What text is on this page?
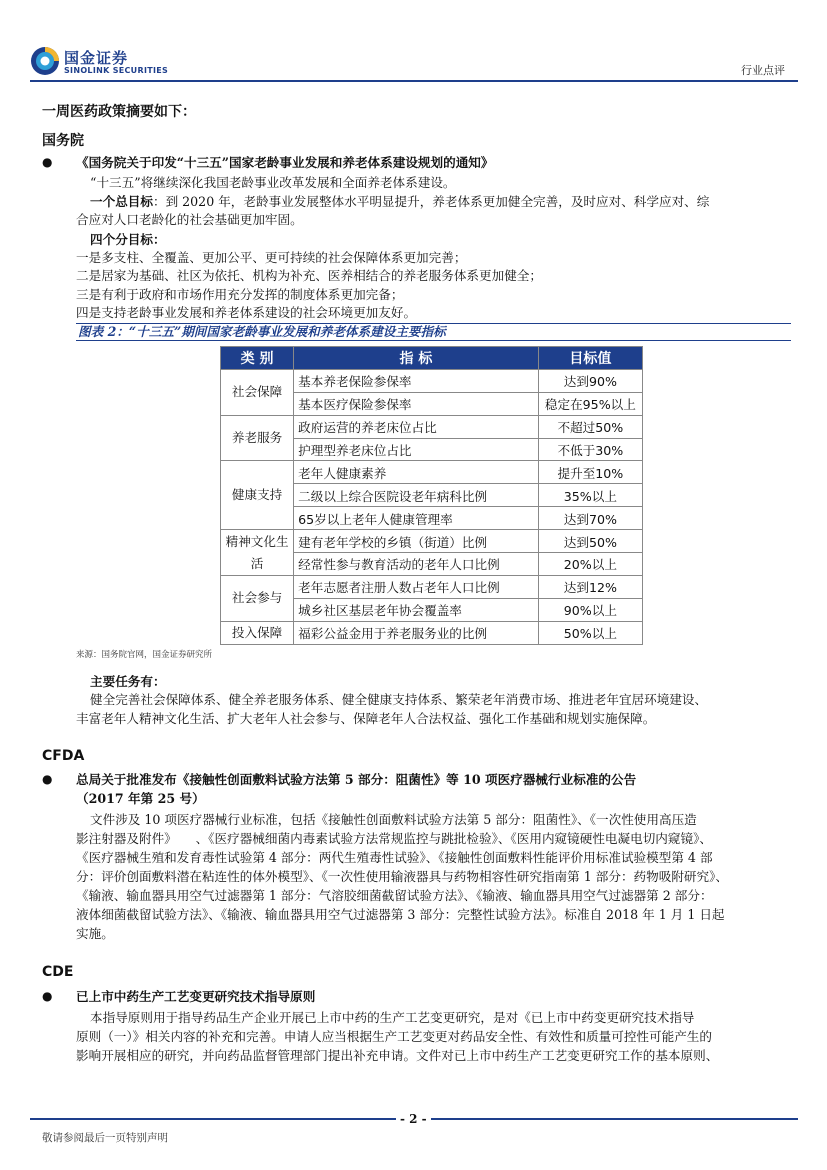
国金证券
SINOLINK SECURITIES	行业点评
一周医药政策摘要如下：
国务院
● 《国务院关于印发“十三五”国家老龄事业发展和养老体系建设规划的通知》
“十三五”将继续深化我国老龄事业改革发展和全面养老体系建设。
一个总目标：到 2020 年，老龄事业发展整体水平明显提升，养老体系更加健全完善，及时应对、科学应对、综
合应对人口老龄化的社会基础更加牢固。
四个分目标：
一是多支柱、全覆盖、更加公平、更可持续的社会保障体系更加完善；
二是居家为基础、社区为依托、机构为补充、医养相结合的养老服务体系更加健全；
三是有利于政府和市场作用充分发挥的制度体系更加完备；
四是支持老龄事业发展和养老体系建设的社会环境更加友好。
图表 2：“十三五”期间国家老龄事业发展和养老体系建设主要指标
类 别	指 标	目标值
社会保障	基本养老保险参保率	达到90%
	基本医疗保险参保率	稳定在95%以上
养老服务	政府运营的养老床位占比	不超过50%
	护理型养老床位占比	不低于30%
健康支持	老年人健康素养	提升至10%
	二级以上综合医院设老年病科比例	35%以上
	65岁以上老年人健康管理率	达到70%
精神文化生活	建有老年学校的乡镇（街道）比例	达到50%
	经常性参与教育活动的老年人口比例	20%以上
社会参与	老年志愿者注册人数占老年人口比例	达到12%
	城乡社区基层老年协会覆盖率	90%以上
投入保障	福彩公益金用于养老服务业的比例	50%以上
来源：国务院官网，国金证券研究所
主要任务有：
健全完善社会保障体系、健全养老服务体系、健全健康支持体系、繁荣老年消费市场、推进老年宜居环境建设、
丰富老年人精神文化生活、扩大老年人社会参与、保障老年人合法权益、强化工作基础和规划实施保障。
CFDA
● 总局关于批准发布《接触性创面敷料试验方法第 5 部分：阻菌性》等 10 项医疗器械行业标准的公告
（2017 年第 25 号）
文件涉及 10 项医疗器械行业标准，包括《接触性创面敷料试验方法第 5 部分：阻菌性》、《一次性使用高压造
影注射器及附件》　　、《医疗器械细菌内毒素试验方法常规监控与跳批检验》、《医用内窥镜硬性电凝电切内窥镜》、
《医疗器械生殖和发育毒性试验第 4 部分：两代生殖毒性试验》、《接触性创面敷料性能评价用标准试验模型第 4 部
分：评价创面敷料潜在粘连性的体外模型》、《一次性使用输液器具与药物相容性研究指南第 1 部分：药物吸附研究》、
《输液、输血器具用空气过滤器第 1 部分：气溶胶细菌截留试验方法》、《输液、输血器具用空气过滤器第 2 部分：
液体细菌截留试验方法》、《输液、输血器具用空气过滤器第 3 部分：完整性试验方法》。标准自 2018 年 1 月 1 日起
实施。
CDE
● 已上市中药生产工艺变更研究技术指导原则
本指导原则用于指导药品生产企业开展已上市中药的生产工艺变更研究，是对《已上市中药变更研究技术指导
原则（一）》相关内容的补充和完善。申请人应当根据生产工艺变更对药品安全性、有效性和质量可控性可能产生的
影响开展相应的研究，并向药品监督管理部门提出补充申请。文件对已上市中药生产工艺变更研究工作的基本原则、
- 2 -
敬请参阅最后一页特别声明
